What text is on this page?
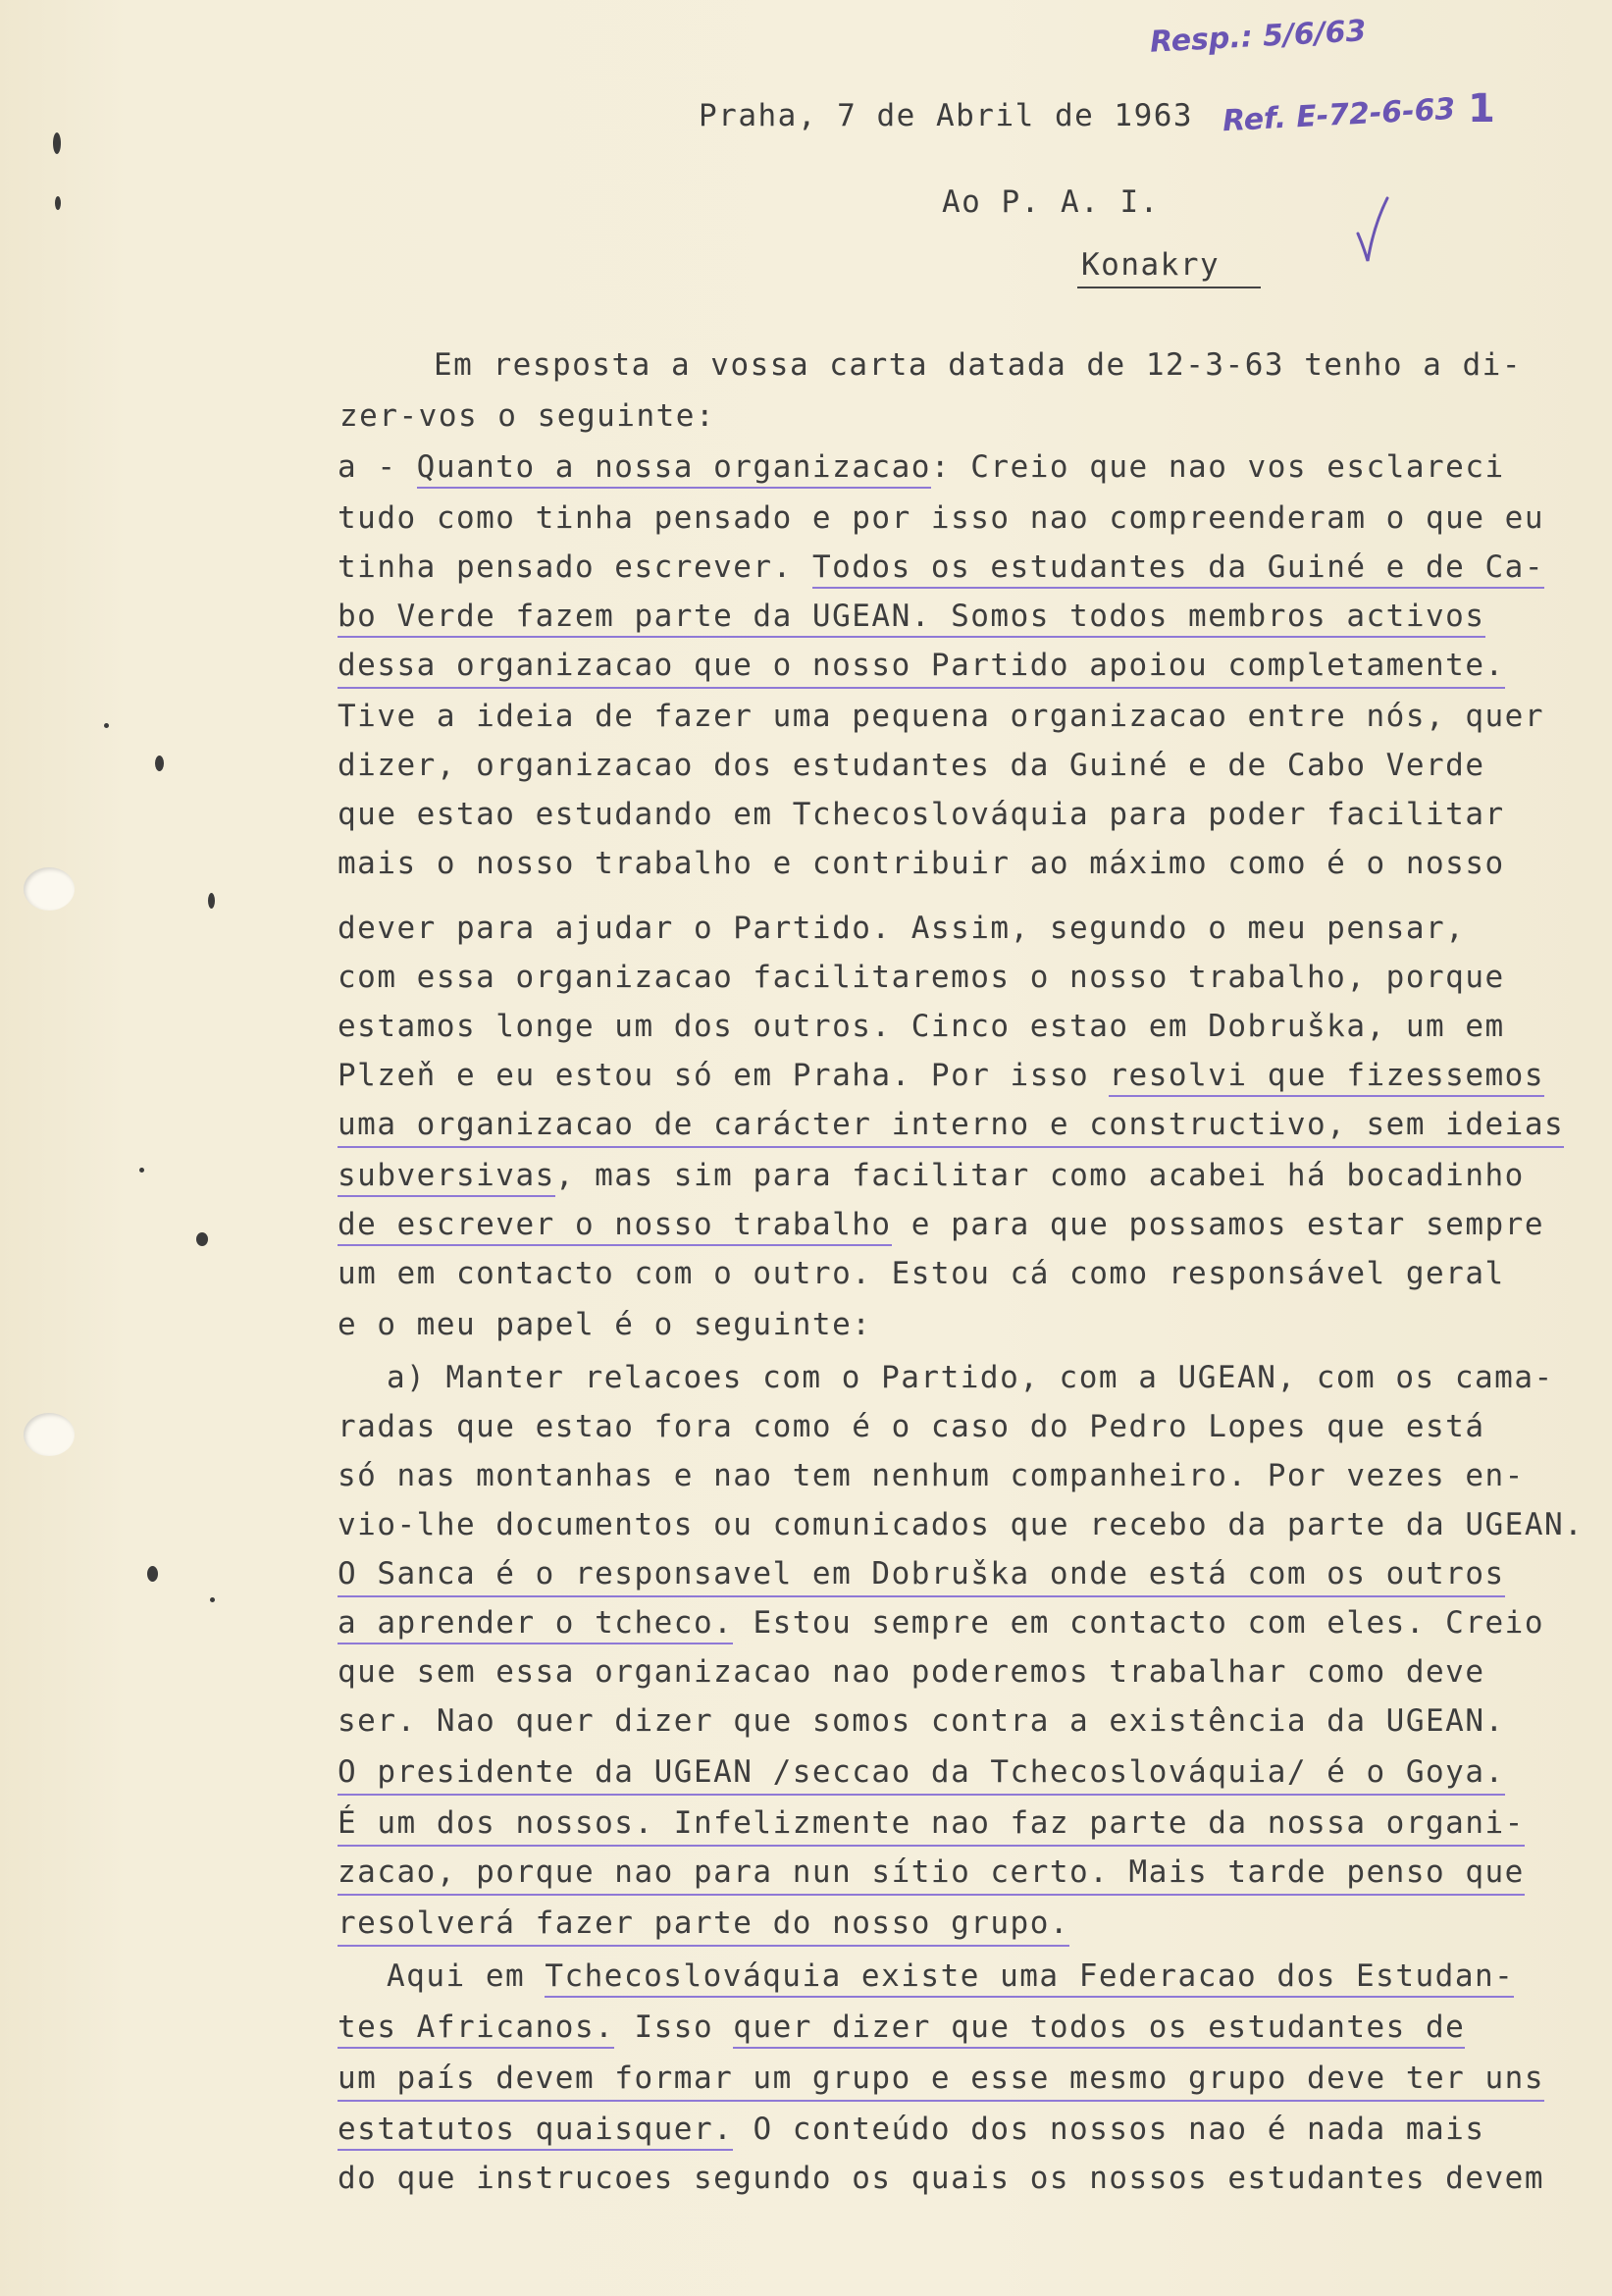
Resp.: 5/6/63
Ref. E-72-6-63 1
Praha, 7 de Abril de 1963
Ao P. A. I.
Konakry
Em resposta a vossa carta datada de 12-3-63 tenho a di-
zer-vos o seguinte:
a - Quanto a nossa organizacao: Creio que nao vos esclareci
tudo como tinha pensado e por isso nao compreenderam o que eu
tinha pensado escrever. Todos os estudantes da Guiné e de Ca-
bo Verde fazem parte da UGEAN. Somos todos membros activos
dessa organizacao que o nosso Partido apoiou completamente.
Tive a ideia de fazer uma pequena organizacao entre nós, quer
dizer, organizacao dos estudantes da Guiné e de Cabo Verde
que estao estudando em Tchecoslováquia para poder facilitar
mais o nosso trabalho e contribuir ao máximo como é o nosso
dever para ajudar o Partido. Assim, segundo o meu pensar,
com essa organizacao facilitaremos o nosso trabalho, porque
estamos longe um dos outros. Cinco estao em Dobruška, um em
Plzeň e eu estou só em Praha. Por isso resolvi que fizessemos
uma organizacao de carácter interno e constructivo, sem ideias
subversivas, mas sim para facilitar como acabei há bocadinho
de escrever o nosso trabalho e para que possamos estar sempre
um em contacto com o outro. Estou cá como responsável geral
e o meu papel é o seguinte:
a) Manter relacoes com o Partido, com a UGEAN, com os cama-
radas que estao fora como é o caso do Pedro Lopes que está
só nas montanhas e nao tem nenhum companheiro. Por vezes en-
vio-lhe documentos ou comunicados que recebo da parte da UGEAN.
O Sanca é o responsavel em Dobruška onde está com os outros
a aprender o tcheco. Estou sempre em contacto com eles. Creio
que sem essa organizacao nao poderemos trabalhar como deve
ser. Nao quer dizer que somos contra a existência da UGEAN.
O presidente da UGEAN /seccao da Tchecoslováquia/ é o Goya.
É um dos nossos. Infelizmente nao faz parte da nossa organi-
zacao, porque nao para nun sítio certo. Mais tarde penso que
resolverá fazer parte do nosso grupo.
Aqui em Tchecoslováquia existe uma Federacao dos Estudan-
tes Africanos. Isso quer dizer que todos os estudantes de
um país devem formar um grupo e esse mesmo grupo deve ter uns
estatutos quaisquer. O conteúdo dos nossos nao é nada mais
do que instrucoes segundo os quais os nossos estudantes devem
